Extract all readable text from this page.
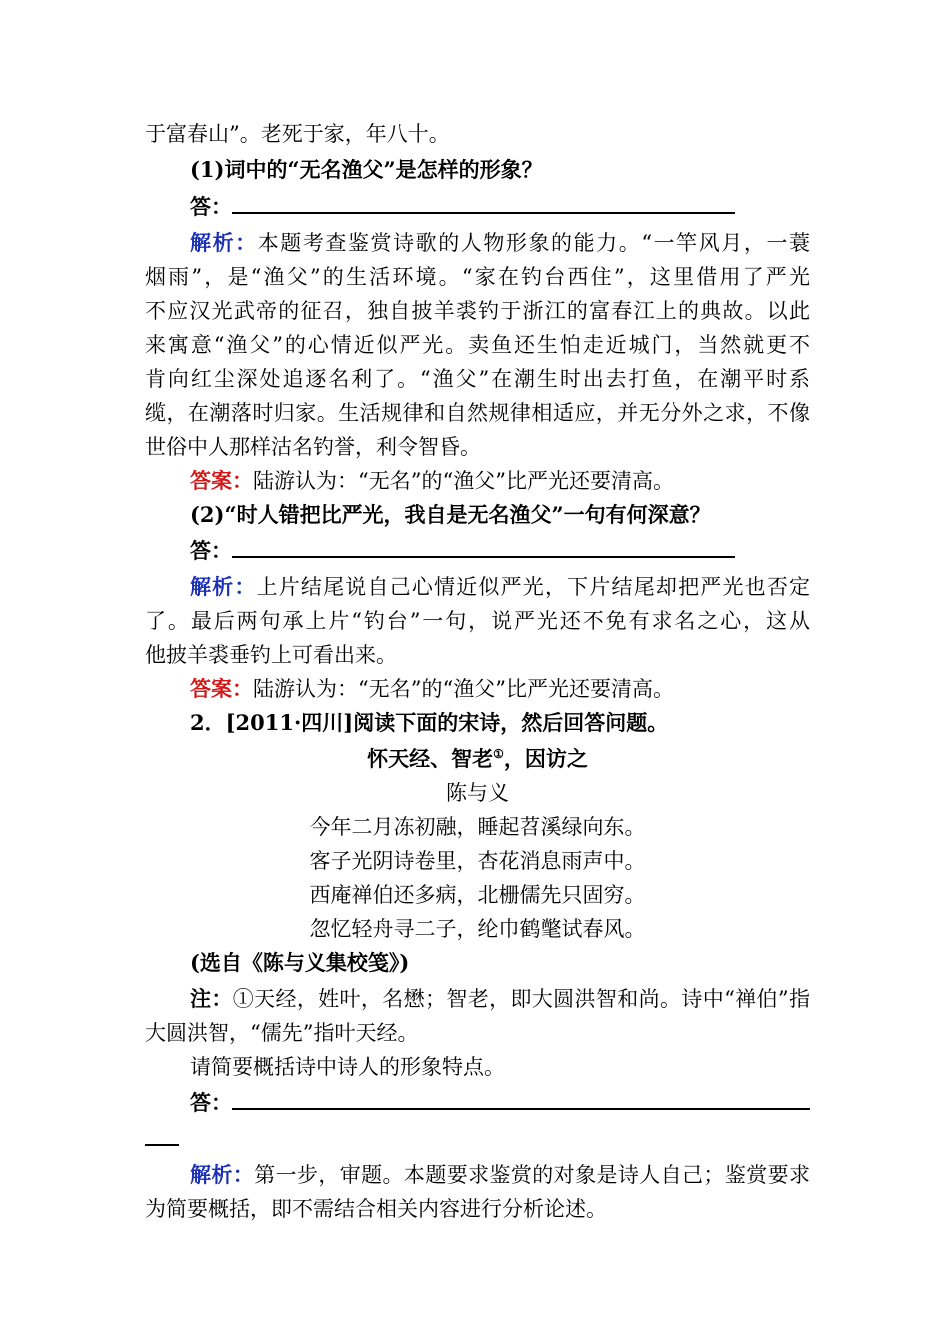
于富春山”。老死于家，年八十。
(1)词中的“无名渔父”是怎样的形象？
答：
解析：本题考查鉴赏诗歌的人物形象的能力。“一竿风月，一蓑
烟雨”，是“渔父”的生活环境。“家在钓台西住”，这里借用了严光
不应汉光武帝的征召，独自披羊裘钓于浙江的富春江上的典故。以此
来寓意“渔父”的心情近似严光。卖鱼还生怕走近城门，当然就更不
肯向红尘深处追逐名利了。“渔父”在潮生时出去打鱼，在潮平时系
缆，在潮落时归家。生活规律和自然规律相适应，并无分外之求，不像
世俗中人那样沽名钓誉，利令智昏。
答案：陆游认为：“无名”的“渔父”比严光还要清高。
(2)“时人错把比严光，我自是无名渔父”一句有何深意？
答：
解析：上片结尾说自己心情近似严光，下片结尾却把严光也否定
了。最后两句承上片“钓台”一句，说严光还不免有求名之心，这从
他披羊裘垂钓上可看出来。
答案：陆游认为：“无名”的“渔父”比严光还要清高。
2．[2011·四川]阅读下面的宋诗，然后回答问题。
怀天经、智老①，因访之
陈与义
今年二月冻初融，睡起苕溪绿向东。
客子光阴诗卷里，杏花消息雨声中。
西庵禅伯还多病，北栅儒先只固穷。
忽忆轻舟寻二子，纶巾鹤氅试春风。
(选自《陈与义集校笺》)
注：①天经，姓叶，名懋；智老，即大圆洪智和尚。诗中“禅伯”指
大圆洪智，“儒先”指叶天经。
请简要概括诗中诗人的形象特点。
答：
解析：第一步，审题。本题要求鉴赏的对象是诗人自己；鉴赏要求
为简要概括，即不需结合相关内容进行分析论述。
